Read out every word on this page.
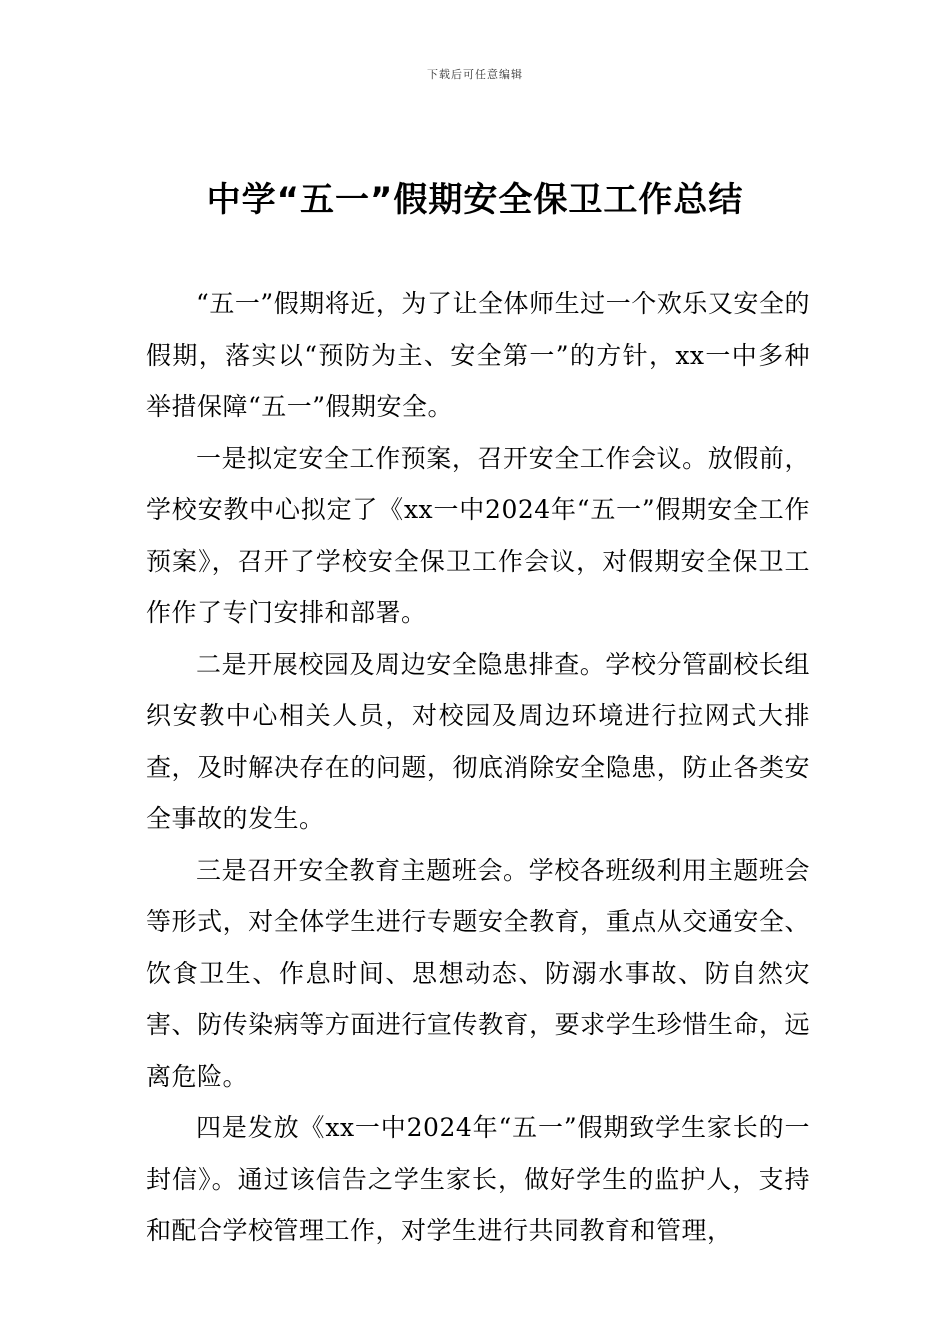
下载后可任意编辑
中学“五一”假期安全保卫工作总结

“五一”假期将近，为了让全体师生过一个欢乐又安全的假期，落实以“预防为主、安全第一”的方针，xx一中多种举措保障“五一”假期安全。

一是拟定安全工作预案，召开安全工作会议。放假前，学校安教中心拟定了《xx一中2024年“五一”假期安全工作预案》，召开了学校安全保卫工作会议，对假期安全保卫工作作了专门安排和部署。

二是开展校园及周边安全隐患排查。学校分管副校长组织安教中心相关人员，对校园及周边环境进行拉网式大排查，及时解决存在的问题，彻底消除安全隐患，防止各类安全事故的发生。

三是召开安全教育主题班会。学校各班级利用主题班会等形式，对全体学生进行专题安全教育，重点从交通安全、饮食卫生、作息时间、思想动态、防溺水事故、防自然灾害、防传染病等方面进行宣传教育，要求学生珍惜生命，远离危险。

四是发放《xx一中2024年“五一”假期致学生家长的一封信》。通过该信告之学生家长，做好学生的监护人，支持和配合学校管理工作，对学生进行共同教育和管理，
